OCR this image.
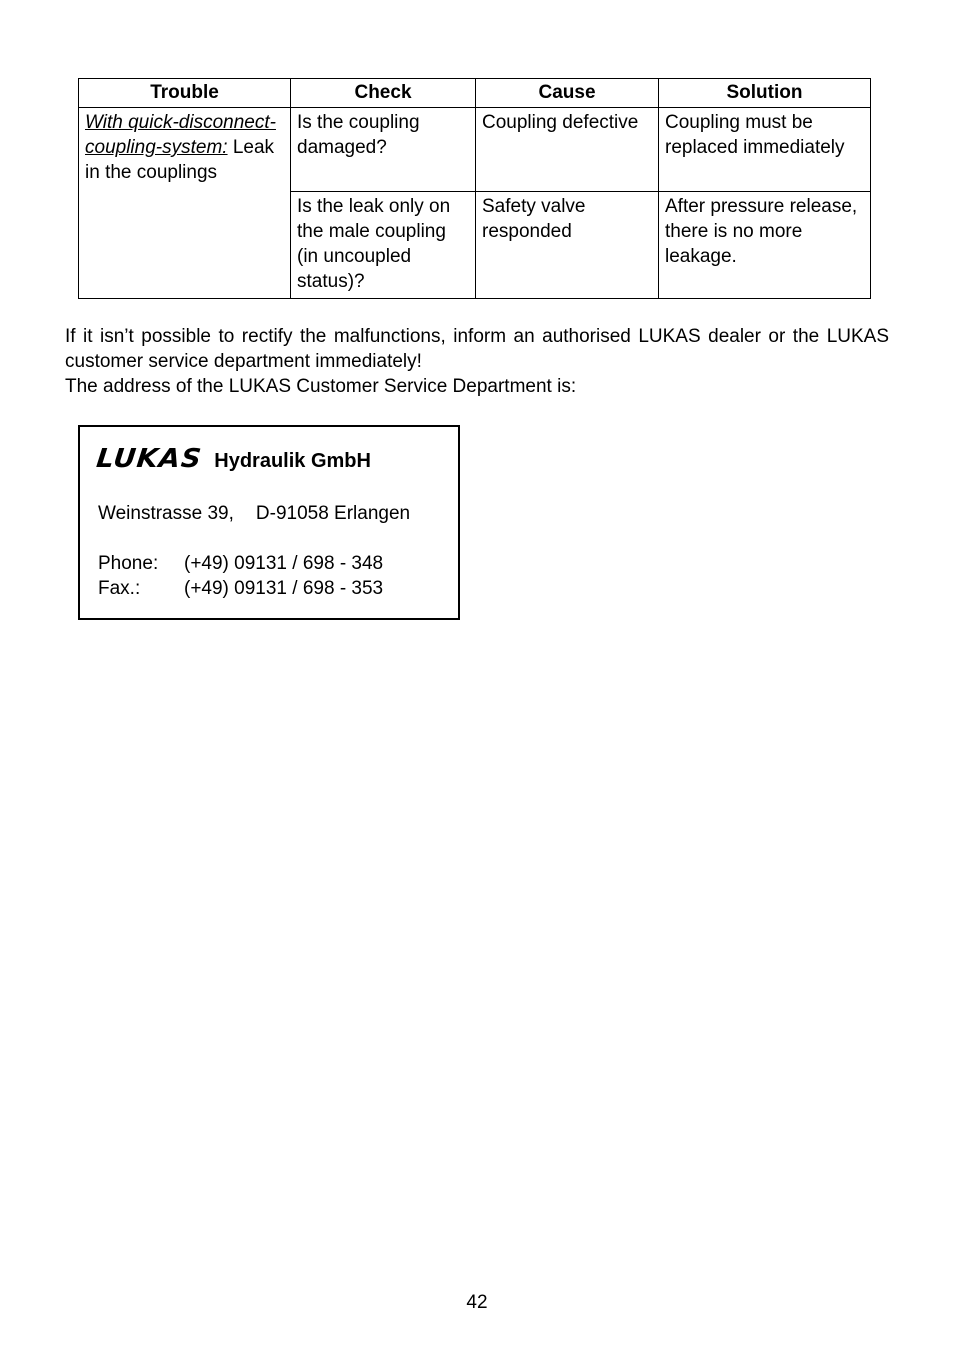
Trouble	Check	Cause	Solution
With quick-disconnect-coupling-system: Leak in the couplings	Is the coupling damaged?	Coupling defective	Coupling must be replaced immediately
	Is the leak only on the male coupling (in uncoupled status)?	Safety valve responded	After pressure release, there is no more leakage.

If it isn’t possible to rectify the malfunctions, inform an authorised LUKAS dealer or the LUKAS customer service department immediately!

The address of the LUKAS Customer Service Department is:

LUKAS Hydraulik GmbH
Weinstrasse 39, D-91058 Erlangen
Phone:	(+49) 09131 / 698 - 348
Fax.:	(+49) 09131 / 698 - 353
42
